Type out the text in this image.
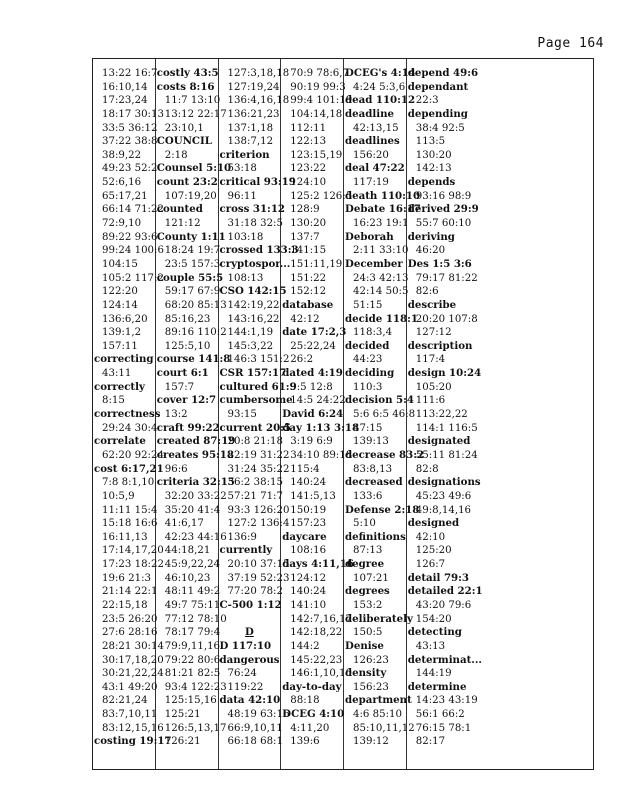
Page 164
13:22 16:7
16:10,14
17:23,24
18:17 30:13
33:5 36:12
37:22 38:8
38:9,22
49:23 52:2
52:6,16
65:17,21
66:14 71:22
72:9,10
89:22 93:6
99:24 100:6
104:15
105:2 117:2
122:20
124:14
136:6,20
139:1,2
157:11
correcting
43:11
correctly
8:15
correctness
29:24 30:4
correlate
62:20 92:24
cost 6:17,21
7:8 8:1,10
10:5,9
11:11 15:4
15:18 16:6
16:11,13
17:14,17,20
17:23 18:22
19:6 21:3
21:14 22:1
22:15,18
23:5 26:20
27:6 28:16
28:21 30:14
30:17,18,20
30:21,22,24
43:1 49:20
82:21,24
83:7,10,11
83:12,15,16
costing 19:17
costly 43:5
costs 8:16
11:7 13:10
13:12 22:17
23:10,1
COUNCIL
2:18
Counsel 5:10
count 23:2
107:19,20
counted
121:12
County 1:11
18:24 19:7
23:5 157:3
couple 55:5
59:17 67:9
68:20 85:13
85:16,23
89:16 110:2
125:5,10
course 141:8
court 6:1
157:7
cover 12:7
13:2
craft 99:22
created 87:19
creates 95:18
96:6
criteria 32:15
32:20 33:22
35:20 41:4
41:6,17
42:23 44:16
44:18,21
45:9,22,24
46:10,23
48:11 49:2
49:7 75:11
77:12 78:10
78:17 79:4
79:9,11,16
79:22 80:6
81:21 82:5
93:4 122:23
125:15,16
125:21
126:5,13,17
126:21
127:3,18,18
127:19,24
136:4,16,18
136:21,23
137:1,18
138:7,12
criterion
53:18
critical 93:19
96:11
cross 31:12
31:18 32:5
103:18
crossed 133:3
cryptospor...
108:13
CSO 142:15
142:19,22
143:16,22
144:1,19
145:3,22
146:3 151:2
CSR 157:17
cultured 61:9
cumbersome
93:15
current 20:5
20:8 21:18
22:19 31:22
31:24 35:22
36:2 38:15
57:21 71:7
93:3 126:20
127:2 136:4
136:9
currently
20:10 37:15
37:19 52:23
77:20 78:2
C-500 1:12
D
D 117:10
dangerous
76:24
119:22
data 42:10
48:19 63:16
66:9,10,11
66:18 68:1
70:9 78:6,7
90:19 99:3
99:4 101:19
104:14,18
112:11
122:13
123:15,19
123:22
124:10
125:2 126:5
128:9
130:20
137:7
141:15
151:11,19
151:22
152:12
database
42:12
date 17:2,3
25:22,24
26:2
dated 4:19
9:5 12:8
14:5 24:22
David 6:24
day 1:13 3:18
3:19 6:9
34:10 89:18
115:4
140:24
141:5,13
150:19
157:23
daycare
108:16
days 4:11,16
124:12
140:24
141:10
142:7,16,17
142:18,22
144:2
145:22,23
146:1,10,10
day-to-day
88:18
DCEG 4:10
4:11,20
139:6
DCEG's 4:14
4:24 5:3,6
dead 110:12
deadline
42:13,15
deadlines
156:20
deal 47:22
117:19
death 110:10
Debate 16:17
16:23 19:1
Deborah
2:11 33:10
December
24:3 42:13
42:14 50:5
51:15
decide 118:1
118:3,4
decided
44:23
deciding
110:3
decision 5:4
5:6 6:5 46:8
47:15
139:13
decrease 83:2
83:8,13
decreased
133:6
Defense 2:18
5:10
definitions
87:13
degree
107:21
degrees
153:2
deliberately
150:5
Denise
126:23
density
156:23
department
4:6 85:10
85:10,11,12
139:12
depend 49:6
dependant
22:3
depending
38:4 92:5
113:5
130:20
142:13
depends
93:16 98:9
derived 29:9
55:7 60:10
deriving
46:20
Des 1:5 3:6
79:17 81:22
82:6
describe
20:20 107:8
127:12
description
117:4
design 10:24
105:20
111:6
113:22,22
114:1 116:5
designated
55:11 81:24
82:8
designations
45:23 49:6
49:8,14,16
designed
42:10
125:20
126:7
detail 79:3
detailed 22:1
43:20 79:6
154:20
detecting
43:13
determinat...
144:19
determine
14:23 43:19
56:1 66:2
76:15 78:1
82:17
